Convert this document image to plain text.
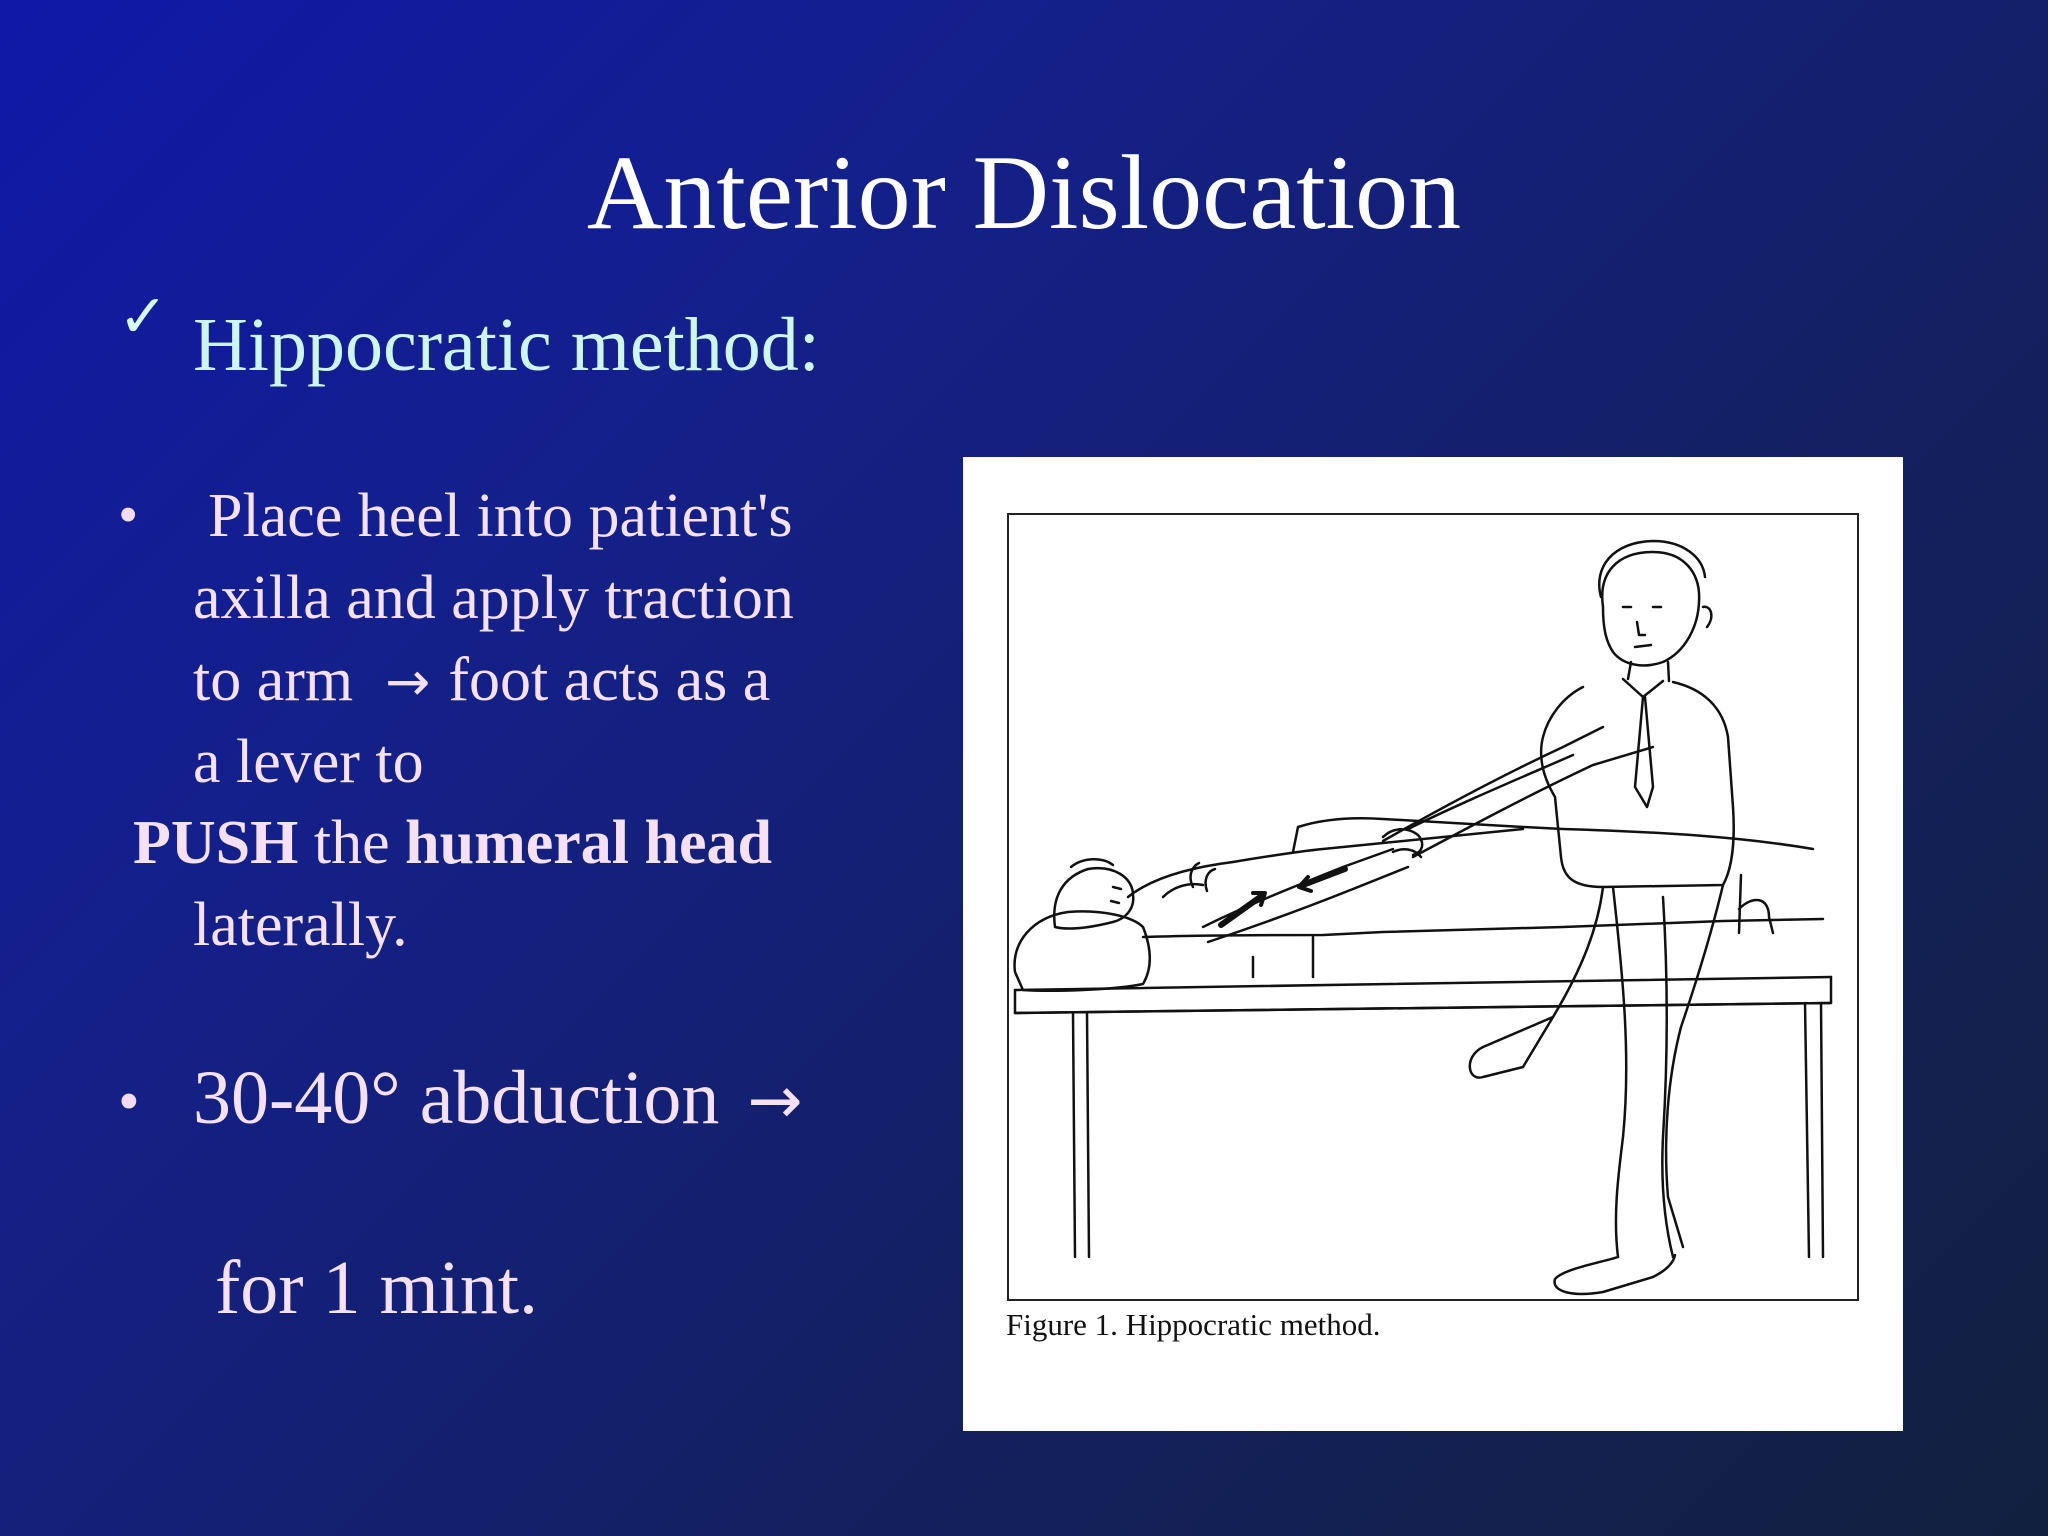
Anterior Dislocation
✓ Hippocratic method:
• Place heel into patient's
axilla and apply traction
to arm → foot acts as a
a lever to
PUSH the humeral head
laterally.
• 30-40° abduction →
for 1 mint.	Figure 1. Hippocratic method.
